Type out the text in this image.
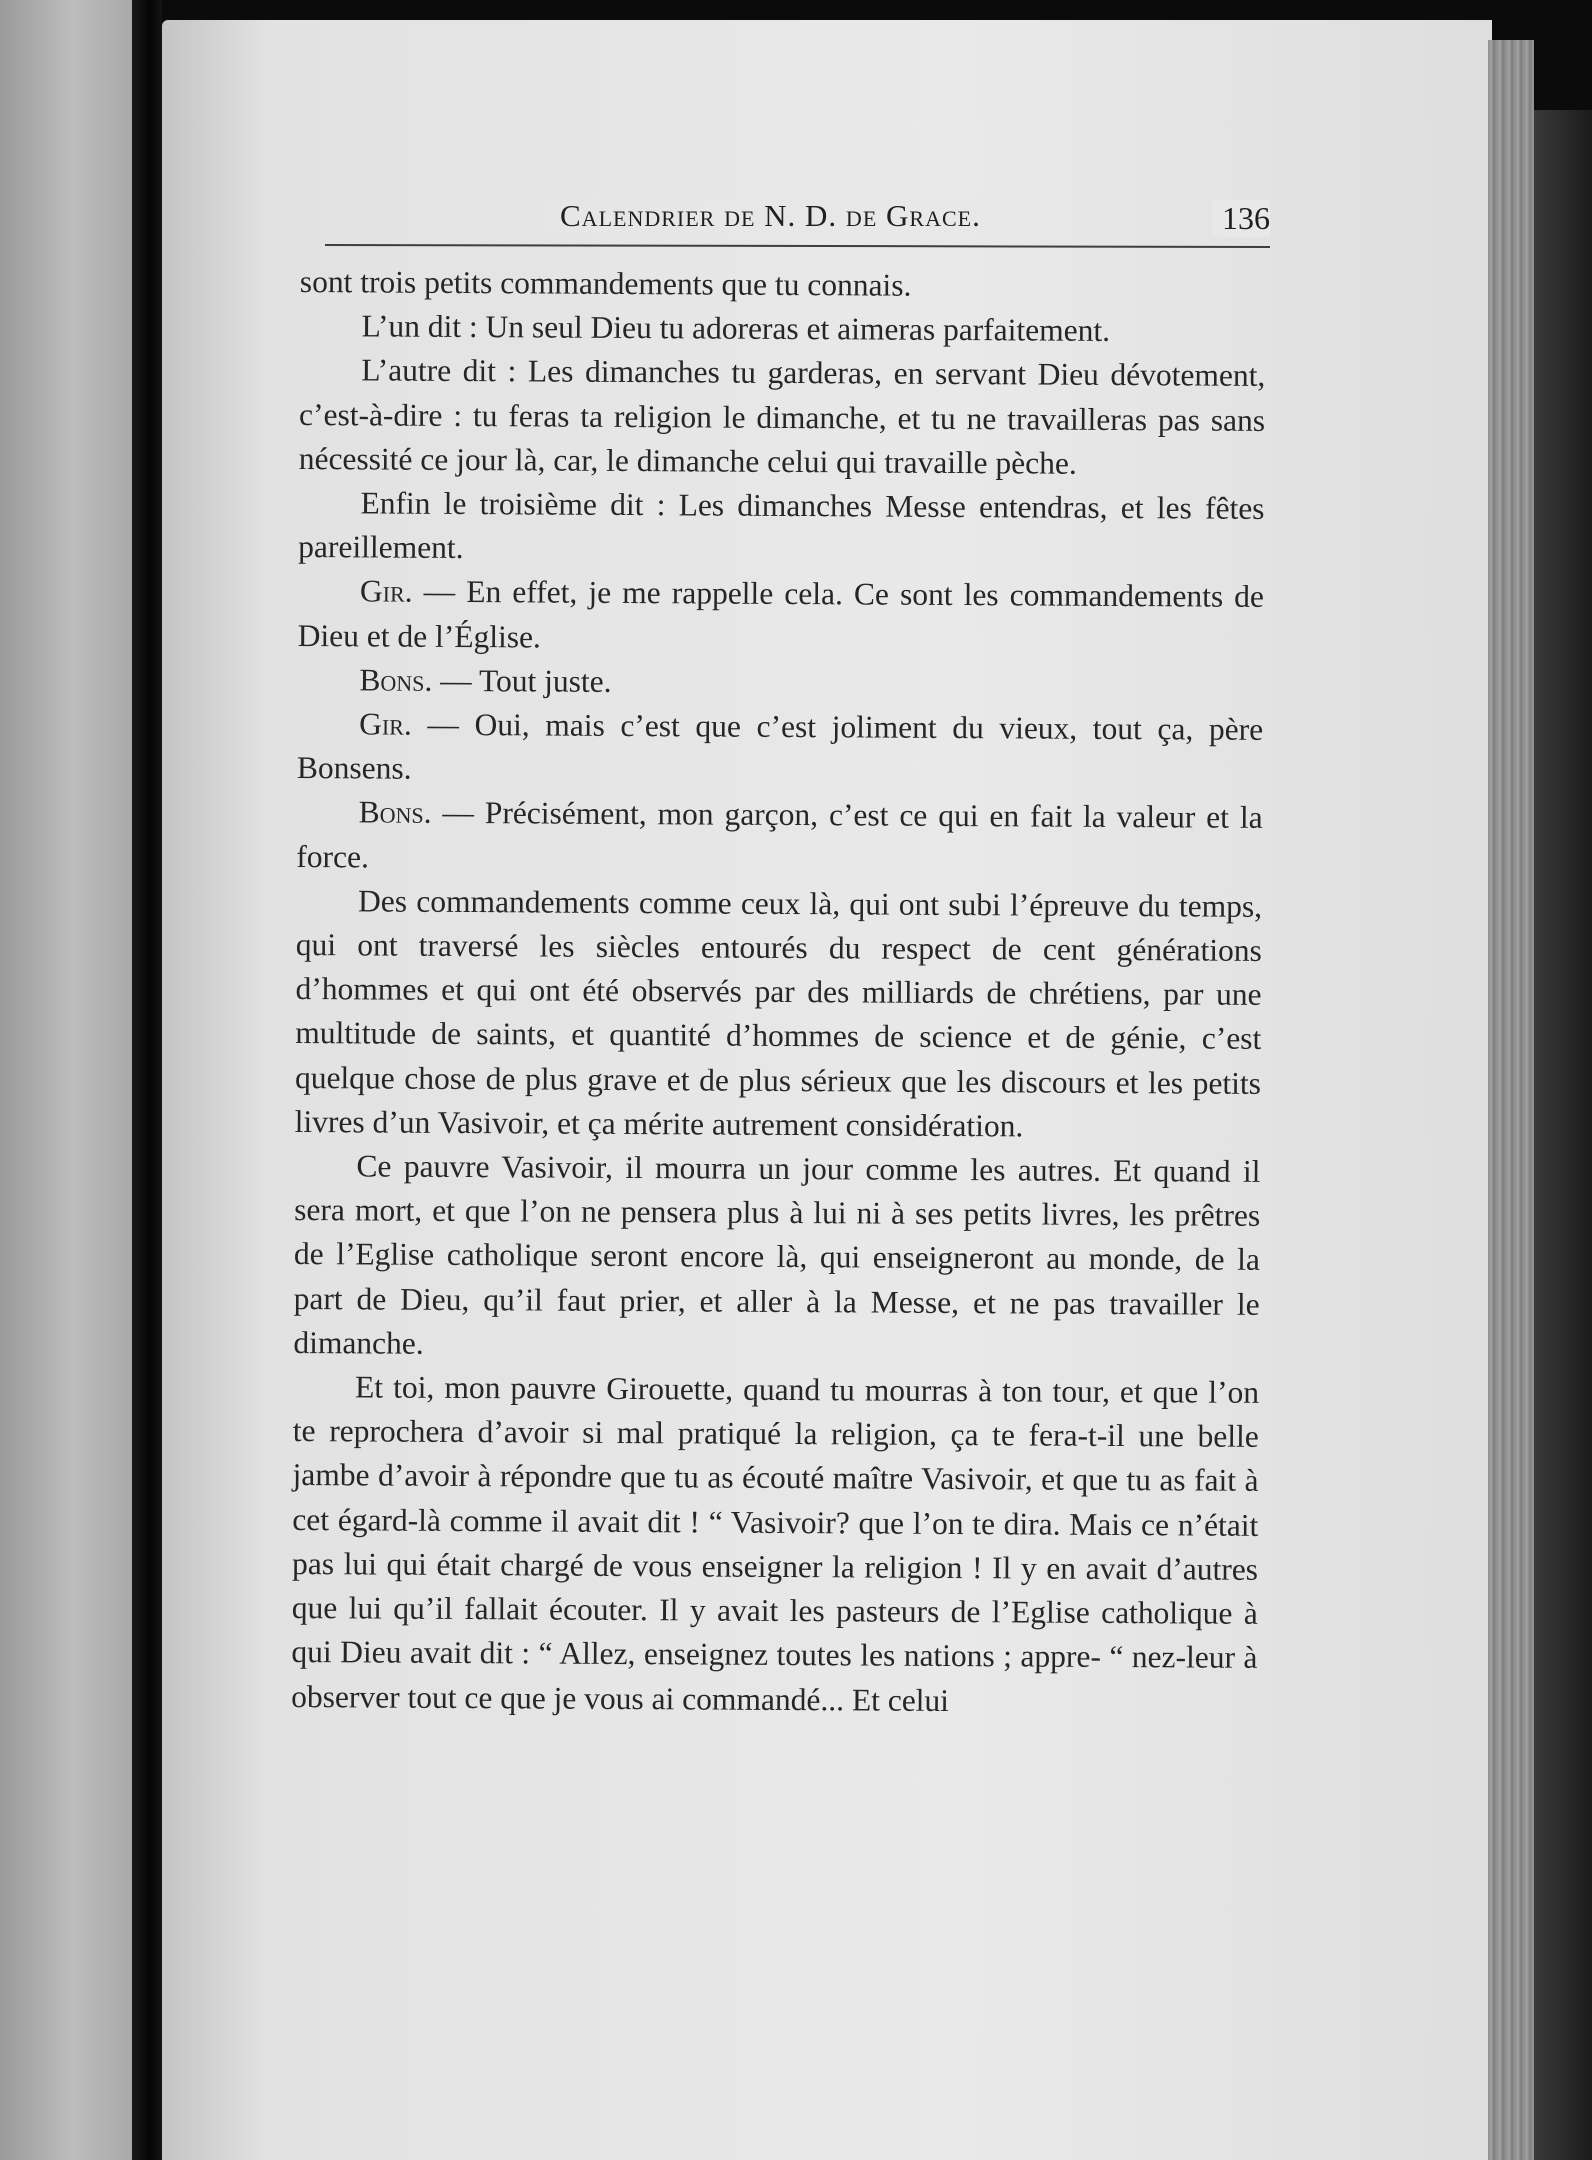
Calendrier de N. D. de Grace.	136

sont trois petits commandements que tu connais.

L’un dit : Un seul Dieu tu adoreras et aimeras parfaitement.

L’autre dit : Les dimanches tu garderas, en servant Dieu dévotement, c’est-à-dire : tu feras ta religion le dimanche, et tu ne travailleras pas sans nécessité ce jour là, car, le dimanche celui qui travaille pèche.

Enfin le troisième dit : Les dimanches Messe entendras, et les fêtes pareillement.

Gir. — En effet, je me rappelle cela. Ce sont les commandements de Dieu et de l’Église.

Bons. — Tout juste.

Gir. — Oui, mais c’est que c’est joliment du vieux, tout ça, père Bonsens.

Bons. — Précisément, mon garçon, c’est ce qui en fait la valeur et la force.

Des commandements comme ceux là, qui ont subi l’épreuve du temps, qui ont traversé les siècles entourés du respect de cent générations d’hommes et qui ont été observés par des milliards de chrétiens, par une multitude de saints, et quantité d’hommes de science et de génie, c’est quelque chose de plus grave et de plus sérieux que les discours et les petits livres d’un Vasivoir, et ça mérite autrement considération.

Ce pauvre Vasivoir, il mourra un jour comme les autres. Et quand il sera mort, et que l’on ne pensera plus à lui ni à ses petits livres, les prêtres de l’Eglise catholique seront encore là, qui enseigneront au monde, de la part de Dieu, qu’il faut prier, et aller à la Messe, et ne pas travailler le dimanche.

Et toi, mon pauvre Girouette, quand tu mourras à ton tour, et que l’on te reprochera d’avoir si mal pratiqué la religion, ça te fera-t-il une belle jambe d’avoir à répondre que tu as écouté maître Vasivoir, et que tu as fait à cet égard-là comme il avait dit ! “ Vasivoir? que l’on te dira. Mais ce n’était pas lui qui était chargé de vous enseigner la religion ! Il y en avait d’autres que lui qu’il fallait écouter. Il y avait les pasteurs de l’Eglise catholique à qui Dieu avait dit : “ Allez, enseignez toutes les nations ; appre- “ nez-leur à observer tout ce que je vous ai commandé... Et celui
